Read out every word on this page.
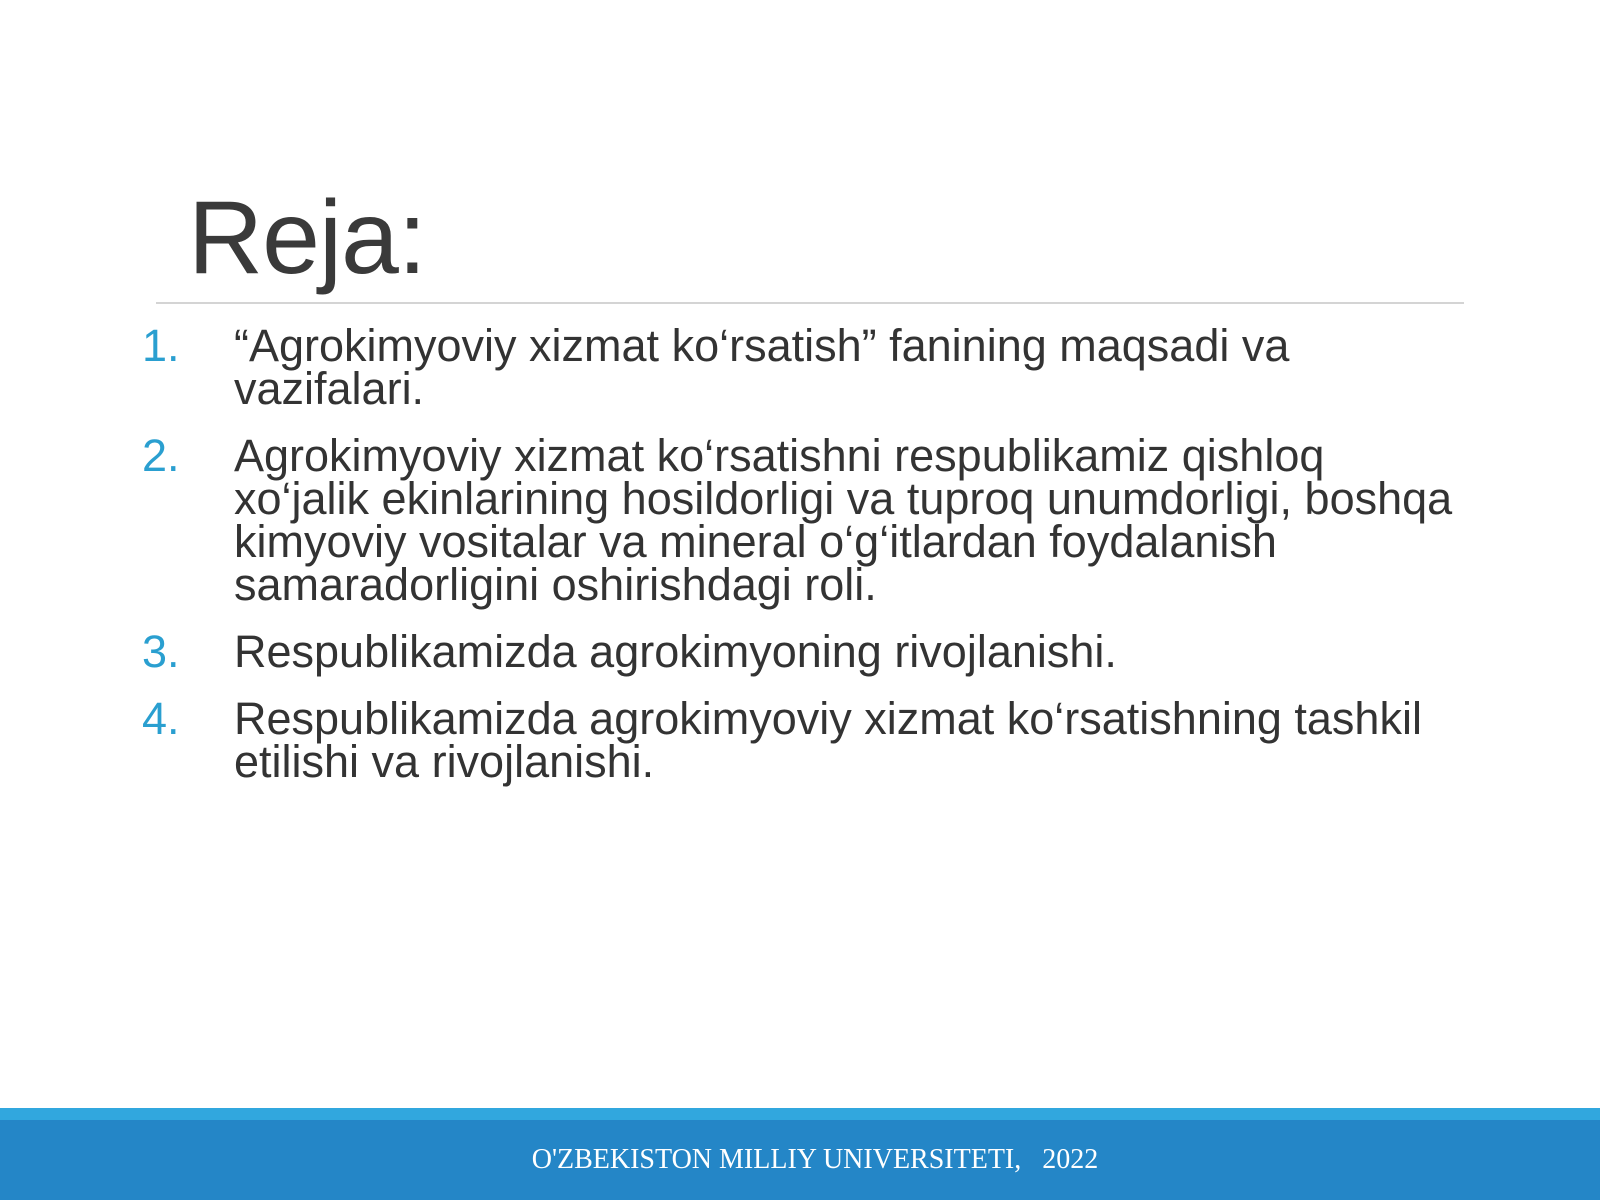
Reja:
1.	“Agrokimyoviy xizmat ko‘rsatish” fanining maqsadi va vazifalari.
2.	Agrokimyoviy xizmat ko‘rsatishni respublikamiz qishloq xo‘jalik ekinlarining hosildorligi va tuproq unumdorligi, boshqa kimyoviy vositalar va mineral o‘g‘itlardan foydalanish samaradorligini oshirishdagi roli.
3.	Respublikamizda agrokimyoning rivojlanishi.
4.	Respublikamizda agrokimyoviy xizmat ko‘rsatishning tashkil etilishi va rivojlanishi.
O'ZBEKISTON MILLIY UNIVERSITETI,   2022
